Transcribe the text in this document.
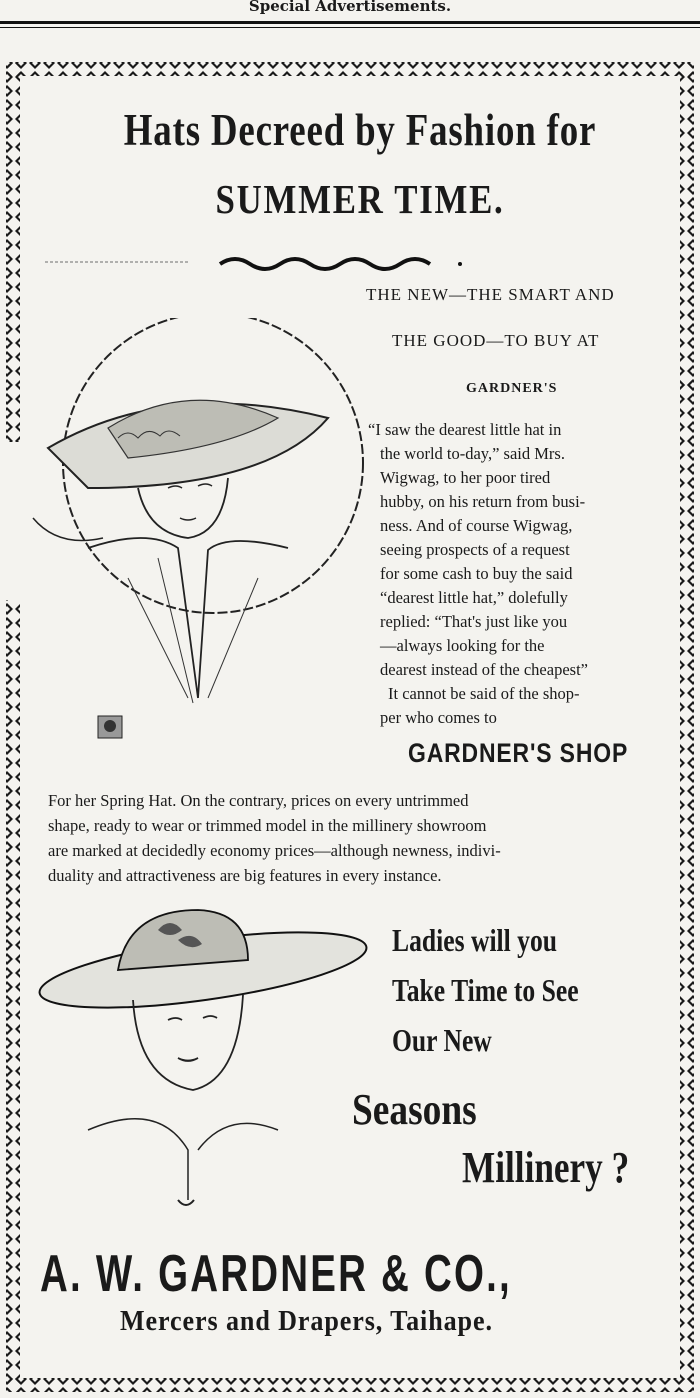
Special Advertisements.
Hats Decreed by Fashion for
SUMMER TIME.
THE NEW—THE SMART AND
THE GOOD—TO BUY AT
GARDNER'S
“I saw the dearest little hat in
the world to-day,” said Mrs.
Wigwag, to her poor tired
hubby, on his return from busi-
ness. And of course Wigwag,
seeing prospects of a request
for some cash to buy the said
“dearest little hat,” dolefully
replied: “That's just like you
—always looking for the
dearest instead of the cheapest”
It cannot be said of the shop-
per who comes to
GARDNER'S SHOP
For her Spring Hat. On the contrary, prices on every untrimmed
shape, ready to wear or trimmed model in the millinery showroom
are marked at decidedly economy prices—although newness, indivi-
duality and attractiveness are big features in every instance.
Ladies will you
Take Time to See
Our New
Seasons
Millinery ?
A. W. GARDNER & CO.,
Mercers and Drapers, Taihape.
